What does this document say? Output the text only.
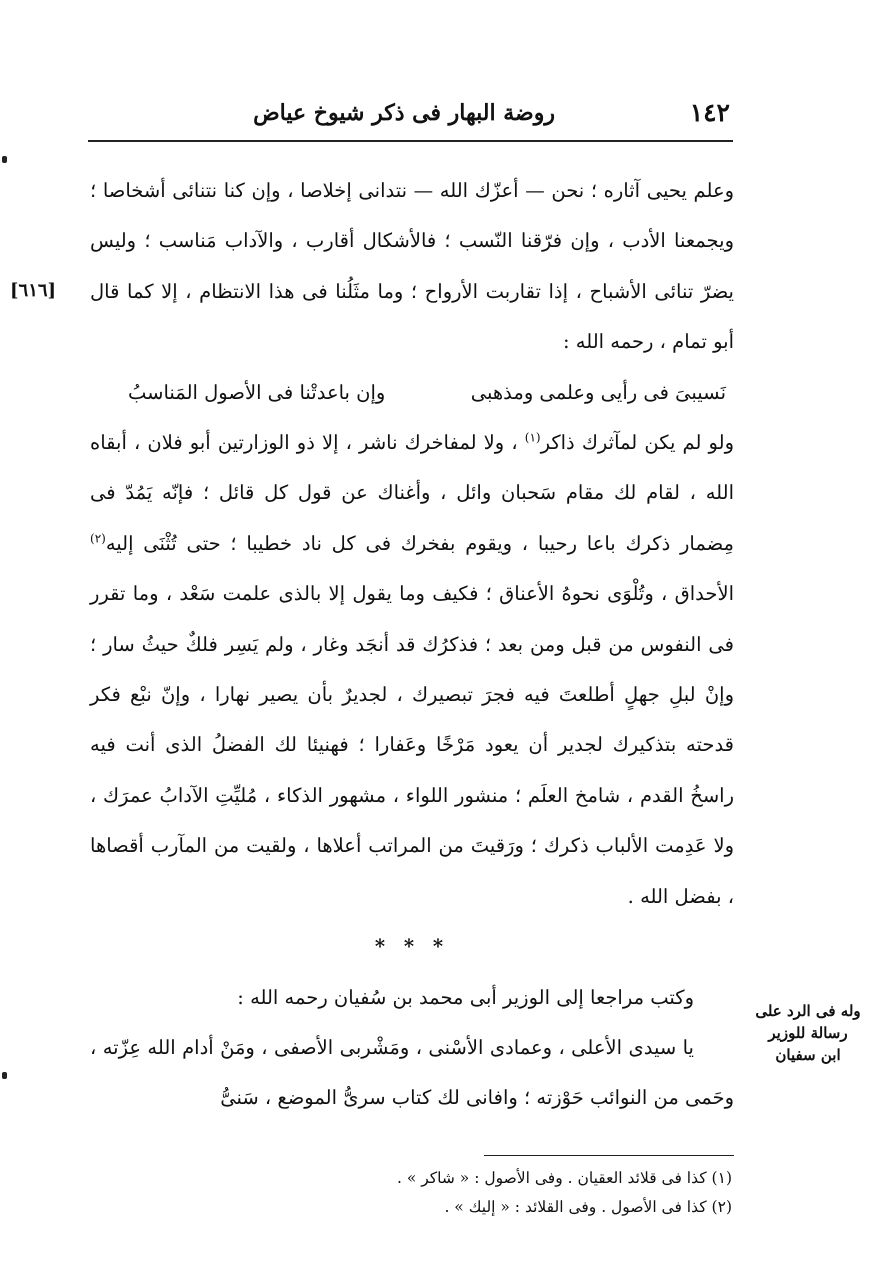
١٤٢
روضة البهار فى ذكر شيوخ عياض
[٦١٦]

وعلم يحيى آثاره ؛ نحن — أعزّك الله — نتدانى إخلاصا ، وإن كنا نتنائى أشخاصا ؛ ويجمعنا الأدب ، وإن فرّقنا النّسب ؛ فالأشكال أقارب ، والآداب مَناسب ؛ وليس يضرّ تنائى الأشباح ، إذا تقاربت الأرواح ؛ وما مثَلُنا فى هذا الانتظام ، إلا كما قال أبو تمام ، رحمه الله :

نَسيبىَ فى رأيى وعلمى ومذهبى
وإن باعدتْنا فى الأصول المَناسبُ

ولو لم يكن لمآثرك ذاكر$^{(١)}$ ، ولا لمفاخرك ناشر ، إلا ذو الوزارتين أبو فلان ، أبقاه الله ، لقام لك مقام سَحبان وائل ، وأغناك عن قول كل قائل ؛ فإنّه يَمُدّ فى مِضمار ذكرك باعا رحيبا ، ويقوم بفخرك فى كل ناد خطيبا ؛ حتى تُثْنَى إليه$^{(٢)}$ الأحداق ، وتُلْوَى نحوهُ الأعناق ؛ فكيف وما يقول إلا بالذى علمت سَعْد ، وما تقرر فى النفوس من قبل ومن بعد ؛ فذكرُك قد أنجَد وغار ، ولم يَسِر فلكٌ حيثُ سار ؛ وإنْ لبلِ جهلٍ أطلعتَ فيه فجرَ تبصيرك ، لجديرٌ بأن يصير نهارا ، وإنّ نبْع فكر قدحته بتذكيرك لجدير أن يعود مَرْخًا وعَفارا ؛ فهنيئا لك الفضلُ الذى أنت فيه راسخُ القدم ، شامخ العلَم ؛ منشور اللواء ، مشهور الذكاء ، مُليِّتِ الآدابُ عمرَك ، ولا عَدِمت الألباب ذكرك ؛ ورَقيتَ من المراتب أعلاها ، ولقيت من المآرب أقصاها ، بفضل الله .

* * *

وكتب مراجعا إلى الوزير أبى محمد بن سُفيان رحمه الله :

يا سيدى الأعلى ، وعمادى الأسْنى ، ومَشْربى الأصفى ، ومَنْ أدام الله عِزّته ، وحَمى من النوائب حَوْزته ؛ وافانى لك كتاب سرىُّ الموضع ، سَنىُّ

وله فى الرد على
رسالة للوزير
ابن سفيان

(١) كذا فى قلائد العقيان . وفى الأصول : « شاكر » .

(٢) كذا فى الأصول . وفى القلائد : « إليك » .
